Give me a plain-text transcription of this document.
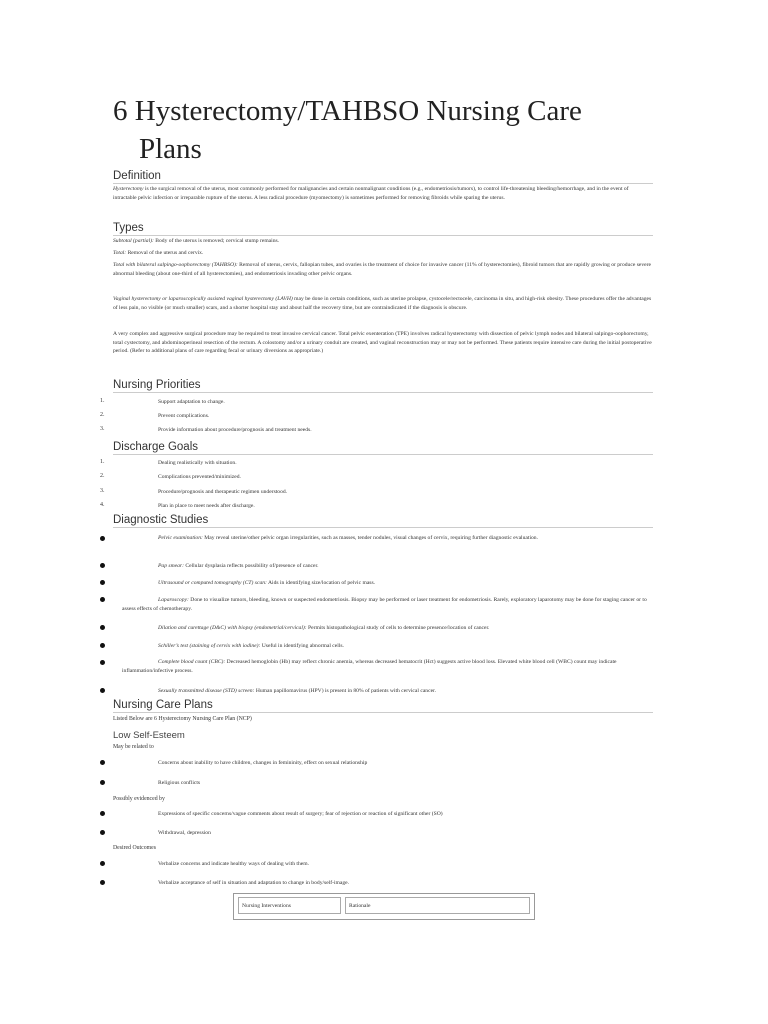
6 Hysterectomy/TAHBSO Nursing Care
Plans
Definition

Hysterectomy is the surgical removal of the uterus, most commonly performed for malignancies and certain nonmalignant conditions (e.g., endometriosis/tumors), to control life-threatening bleeding/hemorrhage, and in the event of intractable pelvic infection or irreparable rupture of the uterus. A less radical procedure (myomectomy) is sometimes performed for removing fibroids while sparing the uterus.

Types

Subtotal (partial): Body of the uterus is removed; cervical stump remains.

Total: Removal of the uterus and cervix.

Total with bilateral salpingo-oophorectomy (TAHBSO): Removal of uterus, cervix, fallopian tubes, and ovaries is the treatment of choice for invasive cancer (11% of hysterectomies), fibroid tumors that are rapidly growing or produce severe abnormal bleeding (about one-third of all hysterectomies), and endometriosis invading other pelvic organs.

Vaginal hysterectomy or laparoscopically assisted vaginal hysterectomy (LAVH) may be done in certain conditions, such as uterine prolapse, cystocele/rectocele, carcinoma in situ, and high-risk obesity. These procedures offer the advantages of less pain, no visible (or much smaller) scars, and a shorter hospital stay and about half the recovery time, but are contraindicated if the diagnosis is obscure.

A very complex and aggressive surgical procedure may be required to treat invasive cervical cancer. Total pelvic exenteration (TPE) involves radical hysterectomy with dissection of pelvic lymph nodes and bilateral salpingo-oophorectomy, total cystectomy, and abdominoperineal resection of the rectum. A colostomy and/or a urinary conduit are created, and vaginal reconstruction may or may not be performed. These patients require intensive care during the initial postoperative period. (Refer to additional plans of care regarding fecal or urinary diversions as appropriate.)

Nursing Priorities
1.	Support adaptation to change.

2.	Prevent complications.

3.	Provide information about procedure/prognosis and treatment needs.

Discharge Goals
1.	Dealing realistically with situation.

2.	Complications prevented/minimized.

3.	Procedure/prognosis and therapeutic regimen understood.

4.	Plan in place to meet needs after discharge.

Diagnostic Studies

Pelvic examination: May reveal uterine/other pelvic organ irregularities, such as masses, tender nodules, visual changes of cervix, requiring further diagnostic evaluation.

Pap smear: Cellular dysplasia reflects possibility of/presence of cancer.

Ultrasound or computed tomography (CT) scan: Aids in identifying size/location of pelvic mass.

Laparoscopy: Done to visualize tumors, bleeding, known or suspected endometriosis. Biopsy may be performed or laser treatment for endometriosis. Rarely, exploratory laparotomy may be done for staging cancer or to assess effects of chemotherapy.

Dilation and curettage (D&C) with biopsy (endometrial/cervical): Permits histopathological study of cells to determine presence/location of cancer.

Schiller’s test (staining of cervix with iodine): Useful in identifying abnormal cells.

Complete blood count (CBC): Decreased hemoglobin (Hb) may reflect chronic anemia, whereas decreased hematocrit (Hct) suggests active blood loss. Elevated white blood cell (WBC) count may indicate inflammation/infective process.

Sexually transmitted disease (STD) screen: Human papillomavirus (HPV) is present in 80% of patients with cervical cancer.

Nursing Care Plans

Listed Below are 6 Hysterectomy Nursing Care Plan (NCP)

Low Self-Esteem

May be related to

Concerns about inability to have children, changes in femininity, effect on sexual relationship

Religious conflicts

Possibly evidenced by

Expressions of specific concerns/vague comments about result of surgery; fear of rejection or reaction of significant other (SO)

Withdrawal, depression

Desired Outcomes

Verbalize concerns and indicate healthy ways of dealing with them.

Verbalize acceptance of self in situation and adaptation to change in body/self-image.

Nursing Interventions	Rationale
